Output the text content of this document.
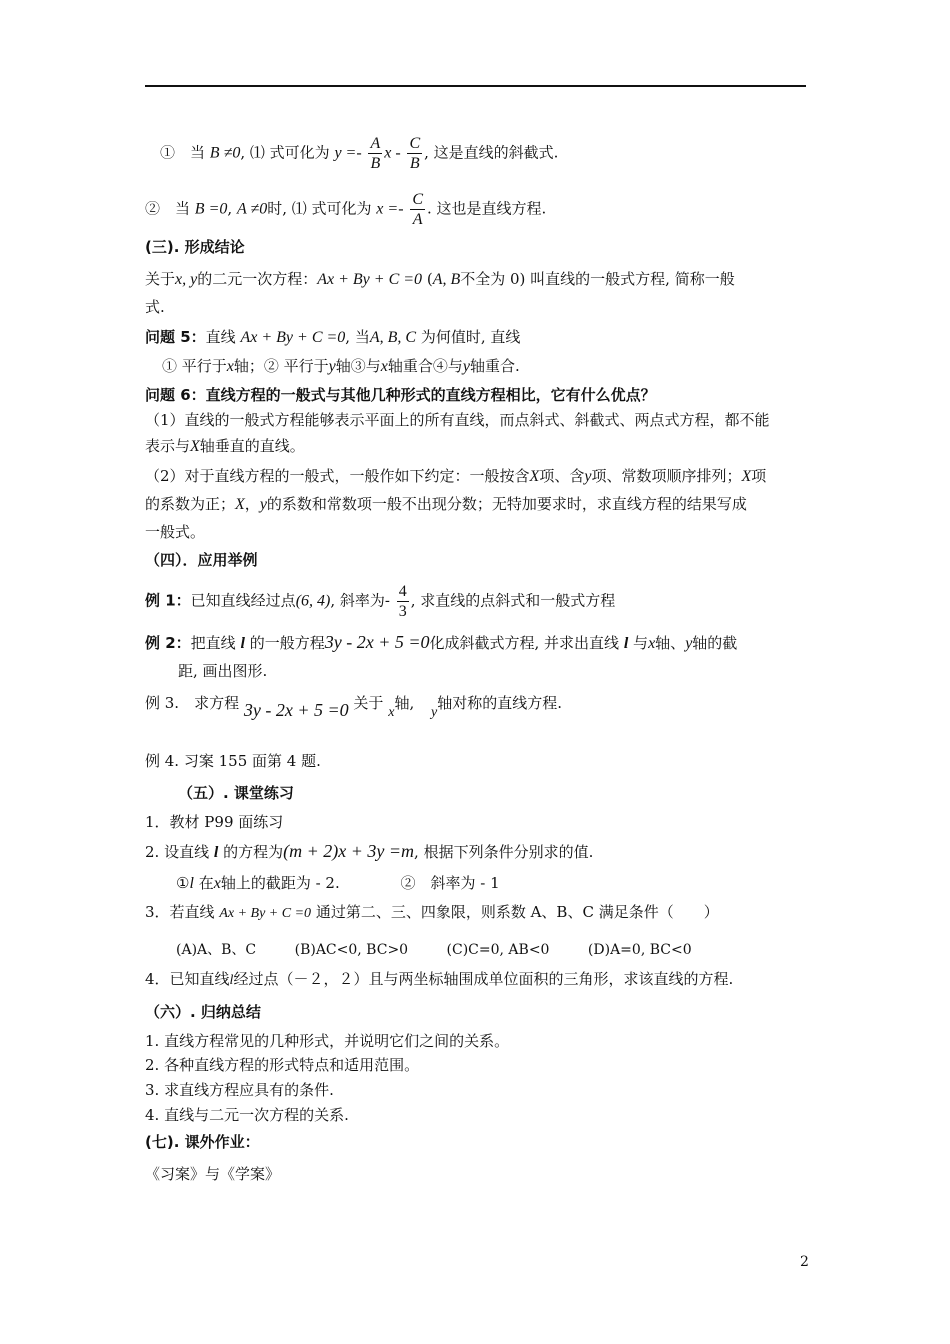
①　当 B ≠0, ⑴ 式可化为 $y =- \frac{A}{B}$ x - $\frac{C}{B}$ , 这是直线的斜截式.
②　当 B =0, A ≠0时, ⑴ 式可化为 $x =- \frac{C}{A}$ . 这也是直线方程.
(三). 形成结论
关于x, y的二元一次方程：Ax + By + C =0 (A, B不全为 0) 叫直线的一般式方程, 简称一般
式.
问题 5：直线 Ax + By + C =0, 当A, B, C 为何值时, 直线
① 平行于x轴；② 平行于y轴③与x轴重合④与y轴重合.
问题 6：直线方程的一般式与其他几种形式的直线方程相比，它有什么优点？
（1）直线的一般式方程能够表示平面上的所有直线，而点斜式、斜截式、两点式方程，都不能
表示与X轴垂直的直线。
（2）对于直线方程的一般式，一般作如下约定：一般按含X项、含y项、常数项顺序排列；X项
的系数为正；X，y的系数和常数项一般不出现分数；无特加要求时，求直线方程的结果写成
一般式。
（四）．应用举例
例 1：已知直线经过点(6, 4), 斜率为- $\frac{4}{3}$ , 求直线的点斜式和一般式方程
例 2：把直线 l 的一般方程3y - 2x + 5 =0化成斜截式方程, 并求出直线 l 与x轴、y轴的截
距, 画出图形.
例 3.　求方程 3y - 2x + 5 =0 关于 x轴, y轴对称的直线方程.
例 4. 习案 155 面第 4 题.
（五）. 课堂练习
1．教材 P99 面练习
2. 设直线 l 的方程为(m + 2)x + 3y =m, 根据下列条件分别求的值.
①l 在x轴上的截距为 - 2.	②　斜率为 - 1
3．若直线 Ax + By + C =0 通过第二、三、四象限，则系数 A、B、C 满足条件（　　）
(A)A、B、C	(B)AC<0, BC>0	(C)C=0, AB<0	(D)A=0, BC<0
4．已知直线l经过点（－２，２）且与两坐标轴围成单位面积的三角形，求该直线的方程.
（六）. 归纳总结
1. 直线方程常见的几种形式，并说明它们之间的关系。
2. 各种直线方程的形式特点和适用范围。
3. 求直线方程应具有的条件.
4. 直线与二元一次方程的关系.
(七). 课外作业：
《习案》与《学案》
2
